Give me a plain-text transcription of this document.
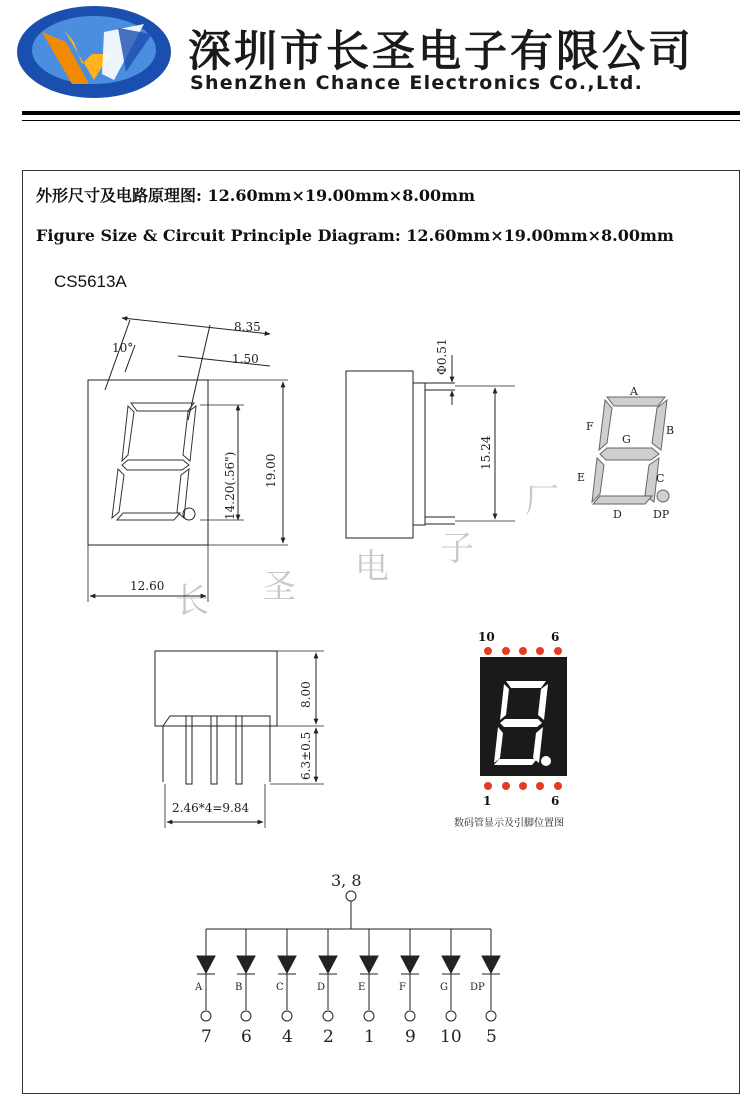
深圳市长圣电子有限公司
ShenZhen Chance Electronics Co.,Ltd.
外形尺寸及电路原理图: 12.60mm×19.00mm×8.00mm
Figure Size & Circuit Principle Diagram: 12.60mm×19.00mm×8.00mm
CS5613A
长 圣 电 子
厂
8.35
1.50
10°
14.20(.56") 19.00
12.60
Φ0.51
15.24
A
B
C
D
E
F
G
DP
8.00
6.3±0.5
2.46*4=9.84
10	6
1	6
数码管显示及引脚位置图
3, 8
A
7
B
6
C
4
D
2
E
1
F
9
G
10
DP
5
